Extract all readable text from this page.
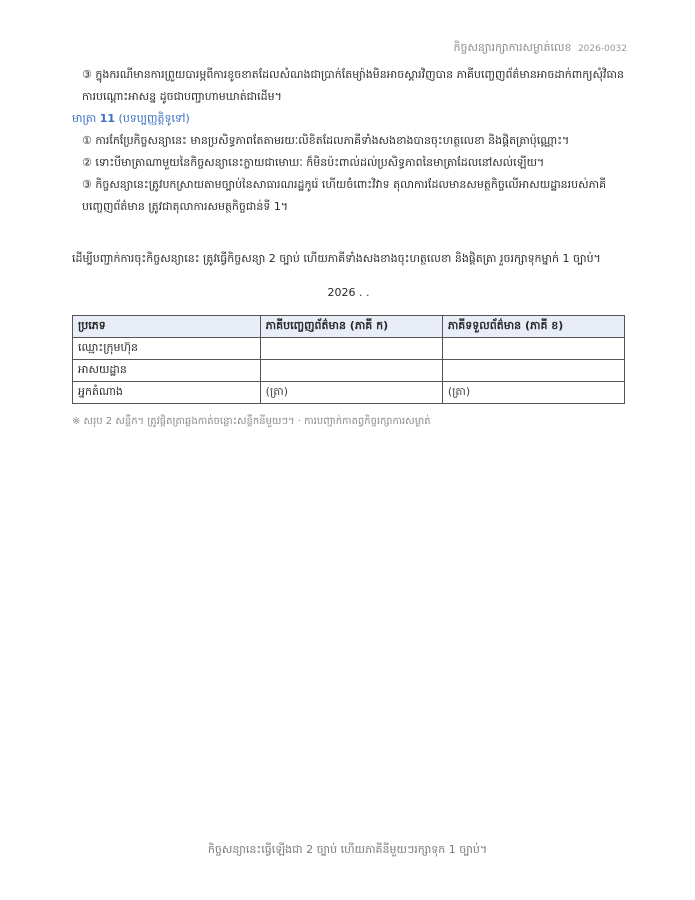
កិច្ចសន្យារក្សាការសម្ងាត់លេខ 2026-0032
③ ក្នុងករណីមានការព្រួយបារម្ភពីការខូចខាតដែលសំណងជាប្រាក់តែម្យ៉ាងមិនអាចស្តារវិញបាន ភាគីបញ្ចេញព័ត៌មានអាចដាក់ពាក្យសុំវិធានការបណ្តោះអាសន្ន ដូចជាបញ្ជាហាមឃាត់ជាដើម។
មាត្រា 11 (បទប្បញ្ញត្តិទូទៅ)
① ការកែប្រែកិច្ចសន្យានេះ មានប្រសិទ្ធភាពតែតាមរយៈលិខិតដែលភាគីទាំងសងខាងបានចុះហត្ថលេខា និងផ្តិតត្រាប៉ុណ្ណោះ។
② ទោះបីមាត្រាណាមួយនៃកិច្ចសន្យានេះក្លាយជាមោឃៈ ក៏មិនប៉ះពាល់ដល់ប្រសិទ្ធភាពនៃមាត្រាដែលនៅសល់ឡើយ។
③ កិច្ចសន្យានេះត្រូវបកស្រាយតាមច្បាប់នៃសាធារណរដ្ឋកូរ៉េ ហើយចំពោះវិវាទ តុលាការដែលមានសមត្ថកិច្ចលើអាសយដ្ឋានរបស់ភាគីបញ្ចេញព័ត៌មាន ត្រូវជាតុលាការសមត្ថកិច្ចជាន់ទី 1។
ដើម្បីបញ្ជាក់ការចុះកិច្ចសន្យានេះ ត្រូវធ្វើកិច្ចសន្យា 2 ច្បាប់ ហើយភាគីទាំងសងខាងចុះហត្ថលេខា និងផ្តិតត្រា រួចរក្សាទុកម្នាក់ 1 ច្បាប់។
2026 . .
ប្រភេទ	ភាគីបញ្ចេញព័ត៌មាន (ភាគី ក)	ភាគីទទួលព័ត៌មាន (ភាគី ខ)
ឈ្មោះក្រុមហ៊ុន		
អាសយដ្ឋាន		
អ្នកតំណាង	(ត្រា)	(ត្រា)
※ សរុប 2 សន្លឹក។ ត្រូវផ្តិតត្រាឆ្លងកាត់ចន្លោះសន្លឹកនីមួយៗ។ · ការបញ្ជាក់កាតព្វកិច្ចរក្សាការសម្ងាត់
កិច្ចសន្យានេះធ្វើឡើងជា 2 ច្បាប់ ហើយភាគីនីមួយៗរក្សាទុក 1 ច្បាប់។
